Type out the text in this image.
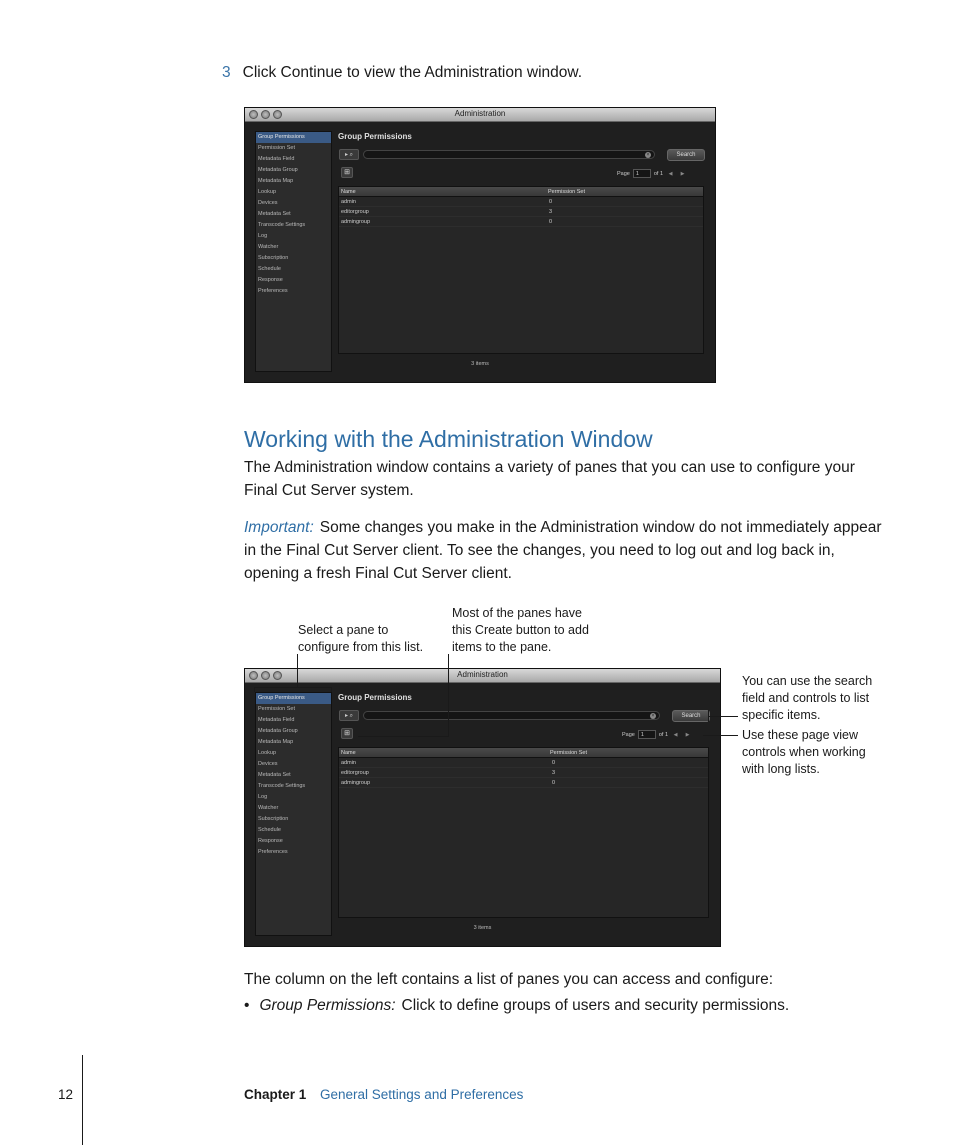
3 Click Continue to view the Administration window.
Administration
Group Permissions
Permission Set
Metadata Field
Metadata Group
Metadata Map
Lookup
Devices
Metadata Set
Transcode Settings
Log
Watcher
Subscription
Schedule
Response
Preferences
Group Permissions
▸ ⌕	×	Search
⊞	Page	1	of 1	◀	▶
Name	Permission Set
admin	0
editorgroup	3
admingroup	0
3 items
Working with the Administration Window

The Administration window contains a variety of panes that you can use to configure your Final Cut Server system.

Important: Some changes you make in the Administration window do not immediately appear in the Final Cut Server client. To see the changes, you need to log out and log back in, opening a fresh Final Cut Server client.

Select a pane to configure from this list.
Most of the panes have this Create button to add items to the pane.
You can use the search field and controls to list specific items.
Use these page view controls when working with long lists.
Administration
Group Permissions
Permission Set
Metadata Field
Metadata Group
Metadata Map
Lookup
Devices
Metadata Set
Transcode Settings
Log
Watcher
Subscription
Schedule
Response
Preferences
Group Permissions
▸ ⌕	×	Search
⊞	Page	1	of 1	◀	▶
Name	Permission Set
admin	0
editorgroup	3
admingroup	0
3 items

The column on the left contains a list of panes you can access and configure:

• Group Permissions: Click to define groups of users and security permissions.
12	Chapter 1 General Settings and Preferences
